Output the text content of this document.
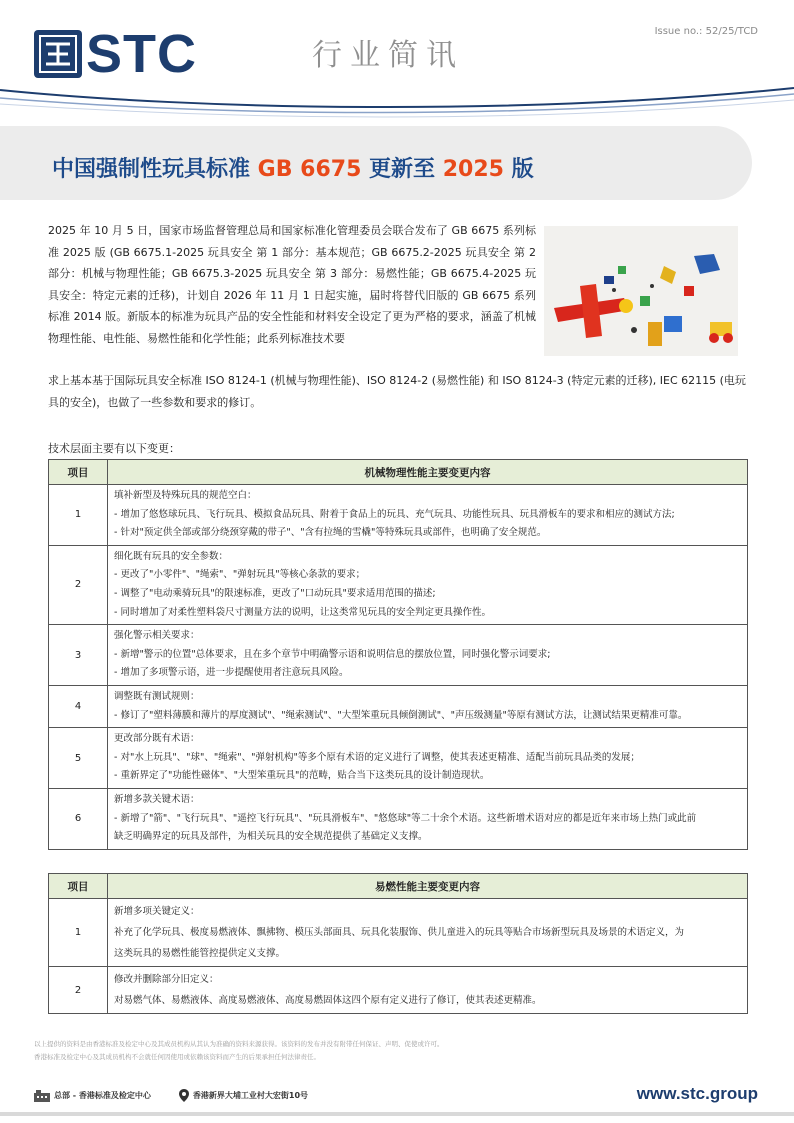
Issue no.: 52/25/TCD
STC	行业简讯
中国强制性玩具标准 GB 6675 更新至 2025 版
2025 年 10 月 5 日，国家市场监督管理总局和国家标准化管理委员会联合发布了 GB 6675 系列标准 2025 版 (GB 6675.1-2025 玩具安全 第 1 部分：基本规范；GB 6675.2-2025 玩具安全 第 2 部分：机械与物理性能；GB 6675.3-2025 玩具安全 第 3 部分：易燃性能；GB 6675.4-2025 玩具安全：特定元素的迁移)，计划自 2026 年 11 月 1 日起实施，届时将替代旧版的 GB 6675 系列标准 2014 版。新版本的标准为玩具产品的安全性能和材料安全设定了更为严格的要求，涵盖了机械物理性能、电性能、易燃性能和化学性能；此系列标准技术要
求上基本基于国际玩具安全标准 ISO 8124-1 (机械与物理性能)、ISO 8124-2 (易燃性能) 和 ISO 8124-3 (特定元素的迁移), IEC 62115 (电玩具的安全)，也做了一些参数和要求的修订。
技术层面主要有以下变更：
项目	机械物理性能主要变更内容
1	填补新型及特殊玩具的规范空白：
- 增加了悠悠球玩具、飞行玩具、模拟食品玩具、附着于食品上的玩具、充气玩具、功能性玩具、玩具滑板车的要求和相应的测试方法;
- 针对"预定供全部或部分绕颈穿戴的带子"、"含有拉绳的雪橇"等特殊玩具或部件，也明确了安全规范。

2	细化既有玩具的安全参数：
- 更改了"小零件"、"绳索"、"弹射玩具"等核心条款的要求；
- 调整了"电动乘骑玩具"的限速标准，更改了"口动玩具"要求适用范围的描述;
- 同时增加了对柔性塑料袋尺寸测量方法的说明，让这类常见玩具的安全判定更具操作性。

3	强化警示相关要求：
- 新增"警示的位置"总体要求，且在多个章节中明确警示语和说明信息的摆放位置，同时强化警示词要求;
- 增加了多项警示语，进一步提醒使用者注意玩具风险。

4	调整既有测试规则：
- 修订了"塑料薄膜和薄片的厚度测试"、"绳索测试"、"大型笨重玩具倾倒测试"、"声压级测量"等原有测试方法，让测试结果更精准可靠。

5	更改部分既有术语：
- 对"水上玩具"、"球"、"绳索"、"弹射机构"等多个原有术语的定义进行了调整，使其表述更精准、适配当前玩具品类的发展；
- 重新界定了"功能性磁体"、"大型笨重玩具"的范畴，贴合当下这类玩具的设计制造现状。

6	新增多款关键术语：
- 新增了"箭"、"飞行玩具"、"遥控飞行玩具"、"玩具滑板车"、"悠悠球"等二十余个术语。这些新增术语对应的都是近年来市场上热门或此前
缺乏明确界定的玩具及部件，为相关玩具的安全规范提供了基础定义支撑。
项目	易燃性能主要变更内容
1	新增多项关键定义：
补充了化学玩具、极度易燃液体、飘拂物、模压头部面具、玩具化装服饰、供儿童进入的玩具等贴合市场新型玩具及场景的术语定义，为
这类玩具的易燃性能管控提供定义支撑。

2	修改并删除部分旧定义：
对易燃气体、易燃液体、高度易燃液体、高度易燃固体这四个原有定义进行了修订，使其表述更精准。
以上提供的资料是由香港标准及检定中心及其成员机构从其认为准确的资料来源获得。该资料的发布并没有附带任何保证、声明、促使或许可。
香港标准及检定中心及其成员机构不会就任何因使用或依赖该资料而产生的后果承担任何法律责任。
总部 - 香港标准及检定中心	香港新界大埔工业村大宏街10号	www.stc.group
